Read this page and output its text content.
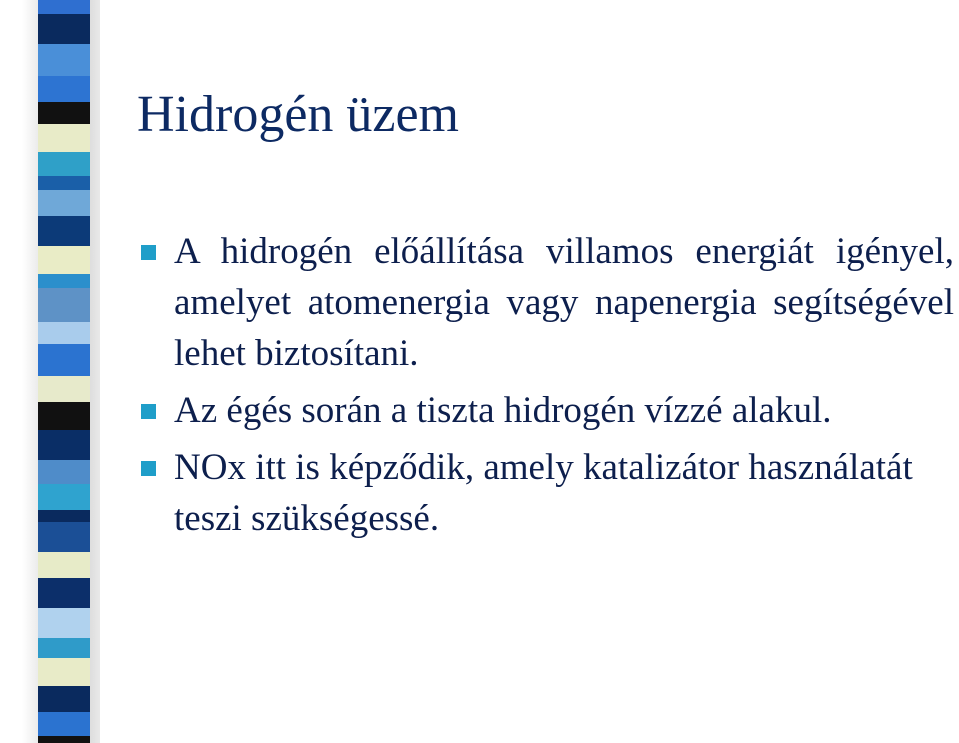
Hidrogén üzem
A hidrogén előállítása villamos energiát igényel, amelyet atomenergia vagy napenergia segítségével lehet biztosítani.
Az égés során a tiszta hidrogén vízzé alakul.
NOx itt is képződik, amely katalizátor használatát teszi szükségessé.
